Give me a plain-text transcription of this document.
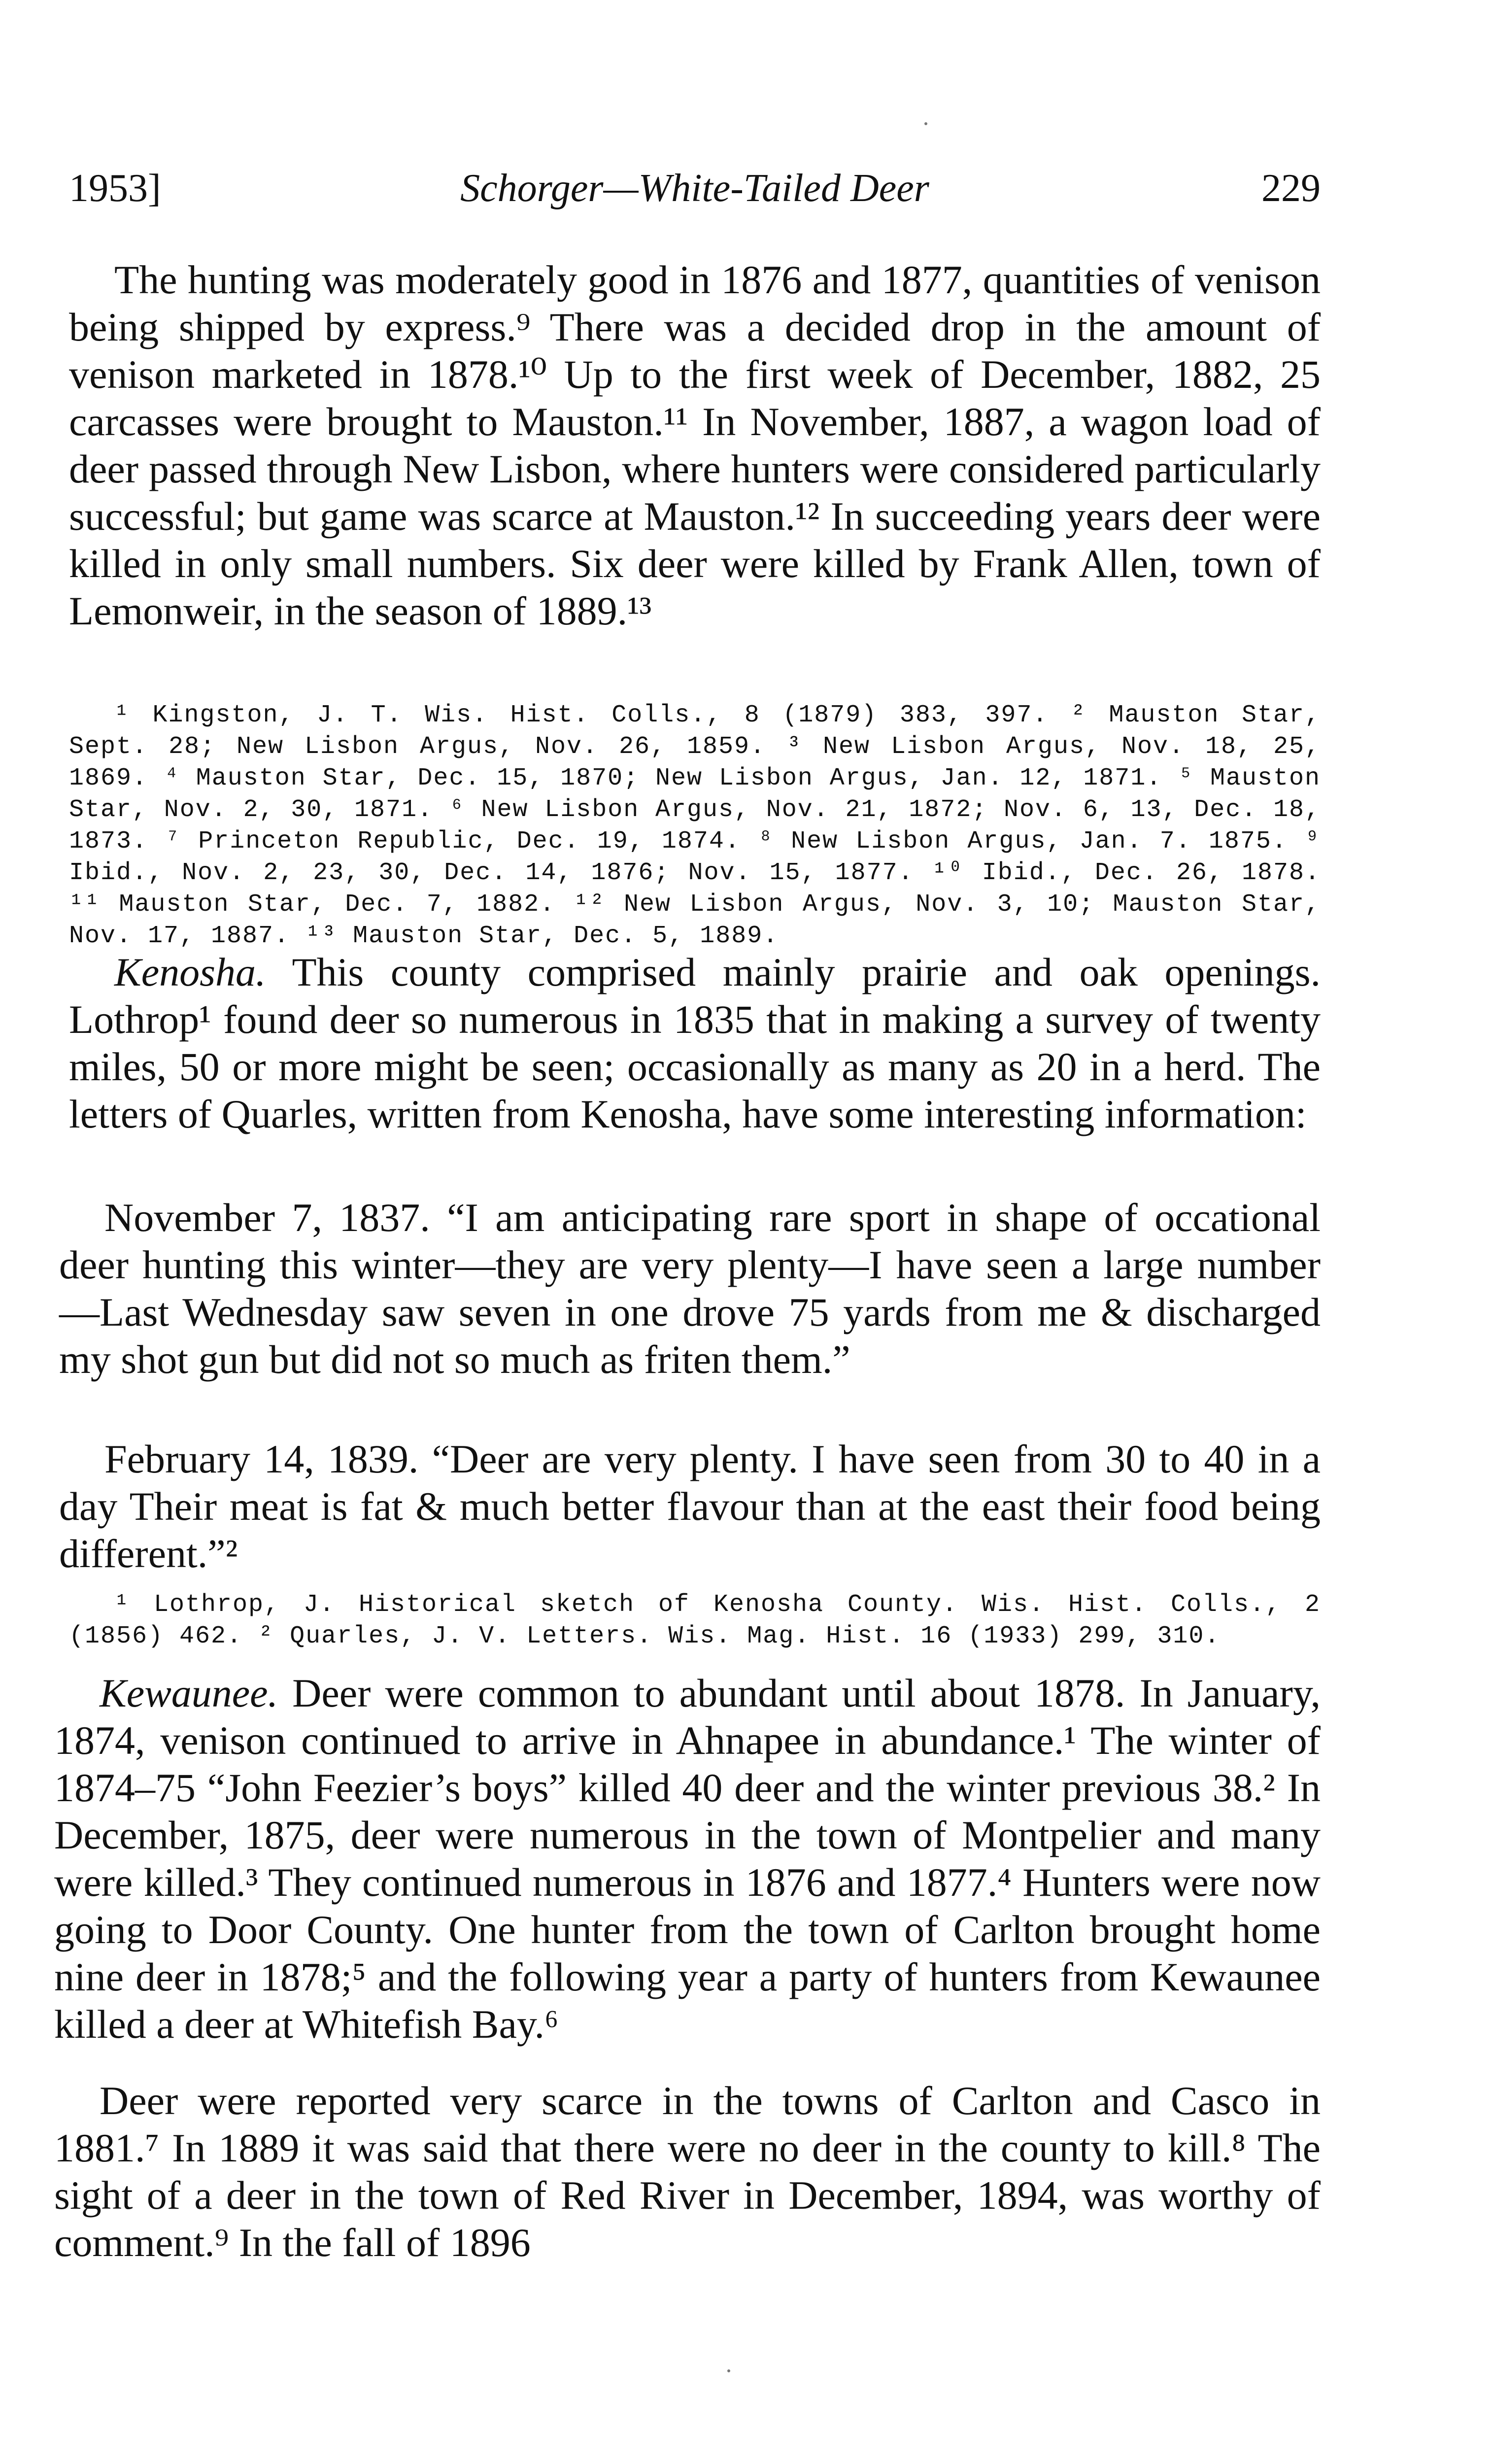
1953]	Schorger—White-Tailed Deer	229

The hunting was moderately good in 1876 and 1877, quantities of venison being shipped by express.⁹ There was a decided drop in the amount of venison marketed in 1878.¹⁰ Up to the first week of December, 1882, 25 carcasses were brought to Mauston.¹¹ In November, 1887, a wagon load of deer passed through New Lisbon, where hunters were considered particularly successful; but game was scarce at Mauston.¹² In succeeding years deer were killed in only small numbers. Six deer were killed by Frank Allen, town of Lemonweir, in the season of 1889.¹³

¹ Kingston, J. T. Wis. Hist. Colls., 8 (1879) 383, 397. ² Mauston Star, Sept. 28; New Lisbon Argus, Nov. 26, 1859. ³ New Lisbon Argus, Nov. 18, 25, 1869. ⁴ Mauston Star, Dec. 15, 1870; New Lisbon Argus, Jan. 12, 1871. ⁵ Mauston Star, Nov. 2, 30, 1871. ⁶ New Lisbon Argus, Nov. 21, 1872; Nov. 6, 13, Dec. 18, 1873. ⁷ Princeton Republic, Dec. 19, 1874. ⁸ New Lisbon Argus, Jan. 7. 1875. ⁹ Ibid., Nov. 2, 23, 30, Dec. 14, 1876; Nov. 15, 1877. ¹⁰ Ibid., Dec. 26, 1878. ¹¹ Mauston Star, Dec. 7, 1882. ¹² New Lisbon Argus, Nov. 3, 10; Mauston Star, Nov. 17, 1887. ¹³ Mauston Star, Dec. 5, 1889.

Kenosha. This county comprised mainly prairie and oak openings. Lothrop¹ found deer so numerous in 1835 that in making a survey of twenty miles, 50 or more might be seen; occasionally as many as 20 in a herd. The letters of Quarles, written from Kenosha, have some interesting information:

November 7, 1837. “I am anticipating rare sport in shape of occational deer hunting this winter—they are very plenty—I have seen a large number—Last Wednesday saw seven in one drove 75 yards from me & discharged my shot gun but did not so much as friten them.”

February 14, 1839. “Deer are very plenty. I have seen from 30 to 40 in a day Their meat is fat & much better flavour than at the east their food being different.”²

¹ Lothrop, J. Historical sketch of Kenosha County. Wis. Hist. Colls., 2 (1856) 462. ² Quarles, J. V. Letters. Wis. Mag. Hist. 16 (1933) 299, 310.

Kewaunee. Deer were common to abundant until about 1878. In January, 1874, venison continued to arrive in Ahnapee in abundance.¹ The winter of 1874–75 “John Feezier’s boys” killed 40 deer and the winter previous 38.² In December, 1875, deer were numerous in the town of Montpelier and many were killed.³ They continued numerous in 1876 and 1877.⁴ Hunters were now going to Door County. One hunter from the town of Carlton brought home nine deer in 1878;⁵ and the following year a party of hunters from Kewaunee killed a deer at Whitefish Bay.⁶

Deer were reported very scarce in the towns of Carlton and Casco in 1881.⁷ In 1889 it was said that there were no deer in the county to kill.⁸ The sight of a deer in the town of Red River in December, 1894, was worthy of comment.⁹ In the fall of 1896
